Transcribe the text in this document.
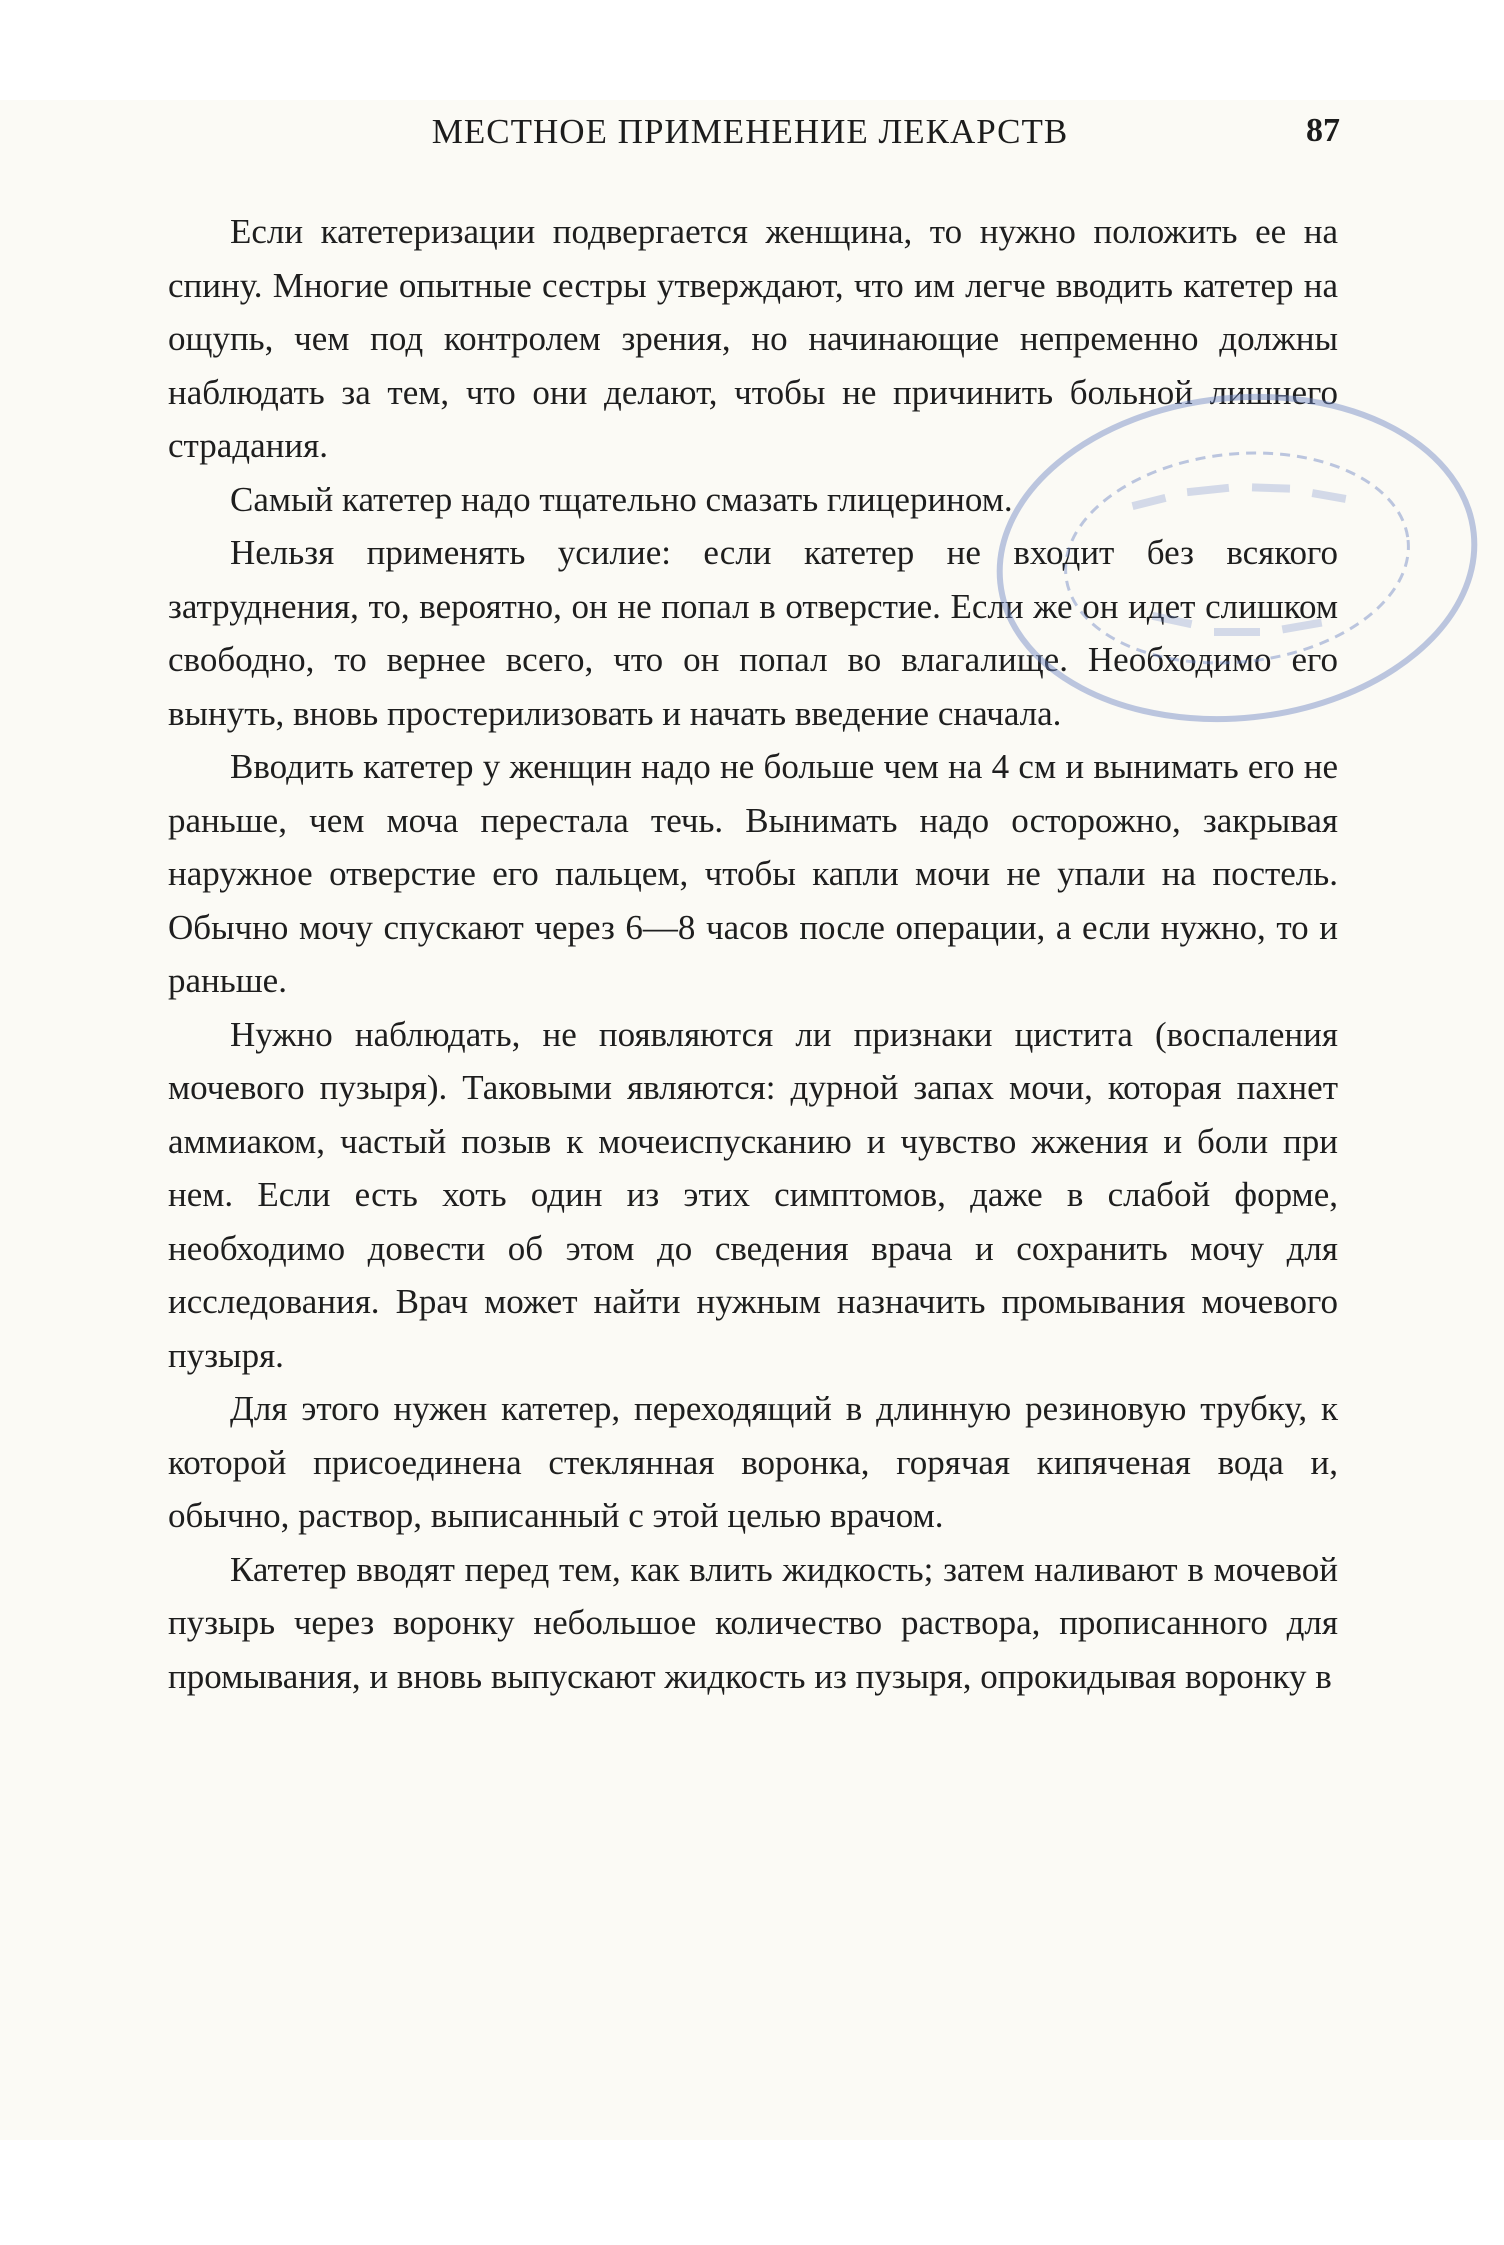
МЕСТНОЕ ПРИМЕНЕНИЕ ЛЕКАРСТВ	87

Если катетеризации подвергается женщина, то нужно положить ее на спину. Многие опытные сестры утверждают, что им легче вводить катетер на ощупь, чем под контролем зрения, но начинающие непременно должны наблюдать за тем, что они делают, чтобы не причинить больной лишнего страдания.

Самый катетер надо тщательно смазать глицерином.

Нельзя применять усилие: если катетер не входит без всякого затруднения, то, вероятно, он не попал в отверстие. Если же он идет слишком свободно, то вернее всего, что он попал во влагалище. Необходимо его вынуть, вновь простерилизовать и начать введение сначала.

Вводить катетер у женщин надо не больше чем на 4 см и вынимать его не раньше, чем моча перестала течь. Вынимать надо осторожно, закрывая наружное отверстие его пальцем, чтобы капли мочи не упали на постель. Обычно мочу спускают через 6—8 часов после операции, а если нужно, то и раньше.

Нужно наблюдать, не появляются ли признаки цистита (воспаления мочевого пузыря). Таковыми являются: дурной запах мочи, которая пахнет аммиаком, частый позыв к мочеиспусканию и чувство жжения и боли при нем. Если есть хоть один из этих симптомов, даже в слабой форме, необходимо довести об этом до сведения врача и сохранить мочу для исследования. Врач может найти нужным назначить промывания мочевого пузыря.

Для этого нужен катетер, переходящий в длинную резиновую трубку, к которой присоединена стеклянная воронка, горячая кипяченая вода и, обычно, раствор, выписанный с этой целью врачом.

Катетер вводят перед тем, как влить жидкость; затем наливают в мочевой пузырь через воронку небольшое количество раствора, прописанного для промывания, и вновь выпускают жидкость из пузыря, опрокидывая воронку в
